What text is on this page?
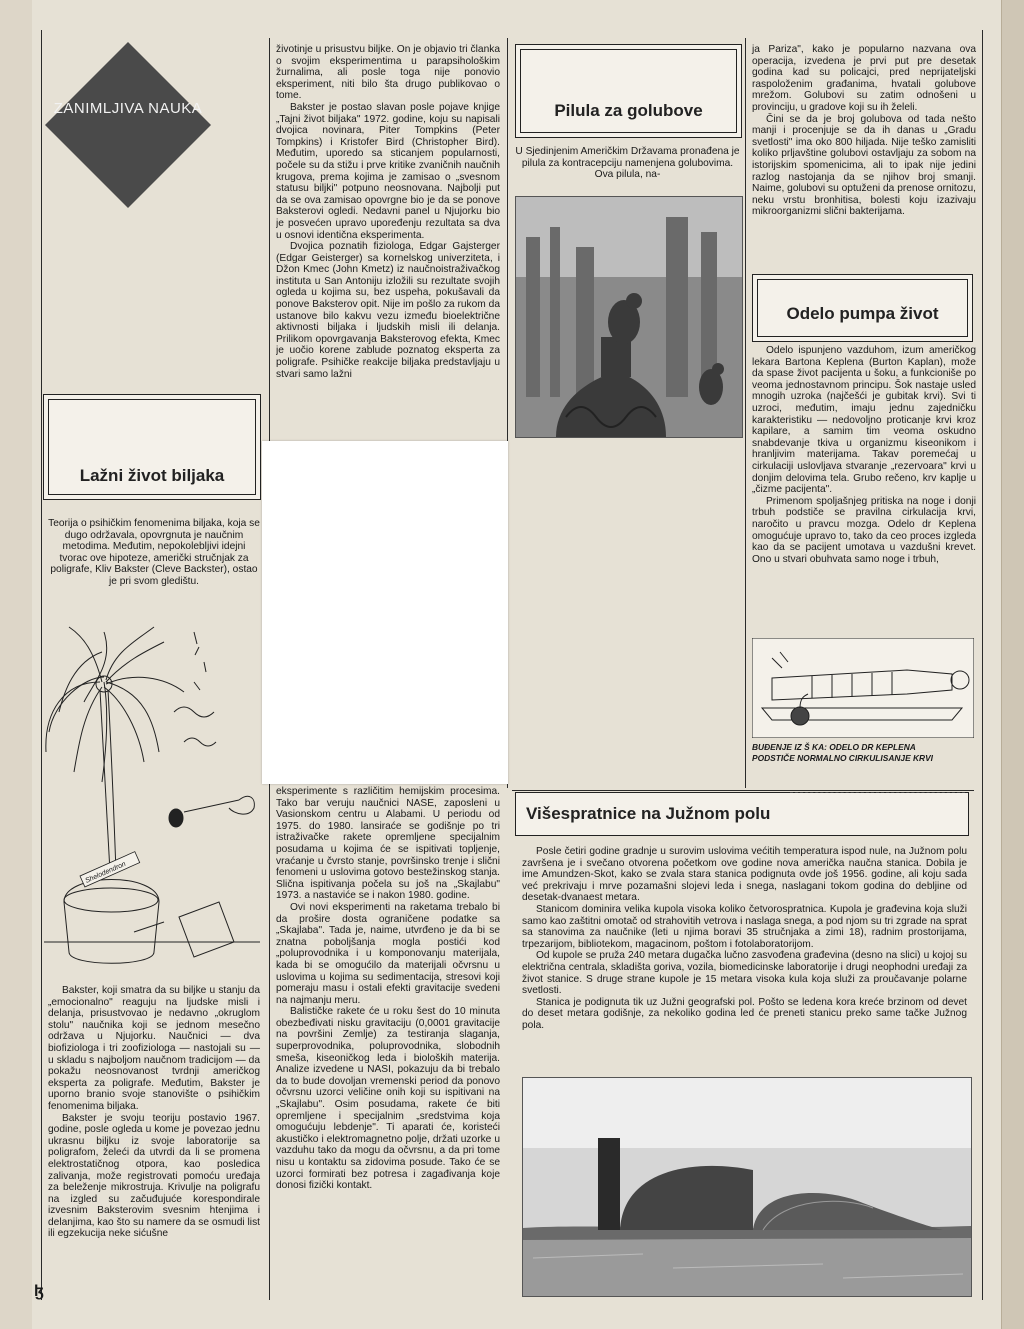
ZANIMLJIVA NAUKA
Lažni život biljaka
Teorija o psihičkim fenomenima biljaka, koja se dugo održavala, opovrgnuta je naučnim metodima. Međutim, nepokolebljivi idejni tvorac ove hipoteze, američki stručnjak za poligrafe, Kliv Bakster (Cleve Backster), ostao je pri svom gledištu.
Shelodendron

Bakster, koji smatra da su biljke u stanju da „emocionalno" reaguju na ljudske misli i delanja, prisustvovao je nedavno „okruglom stolu" naučnika koji se jednom mesečno održava u Njujorku. Naučnici — dva biofiziologa i tri zoofiziologa — nastojali su — u skladu s najboljom naučnom tradicijom — da pokažu neosnovanost tvrdnji američkog eksperta za poligrafe. Međutim, Bakster je uporno branio svoje stanovište o psihičkim fenomenima biljaka.

Bakster je svoju teoriju postavio 1967. godine, posle ogleda u kome je povezao jednu ukrasnu biljku iz svoje laboratorije sa poligrafom, želeći da utvrdi da li se promena elektrostatičnog otpora, kao posledica zalivanja, može registrovati pomoću uređaja za beleženje mikrostruja. Krivulje na poligrafu na izgled su začuđujuće korespondirale izvesnim Baksterovim svesnim htenjima i delanjima, kao što su namere da se osmudi list ili egzekucija neke sićušne

životinje u prisustvu biljke. On je objavio tri članka o svojim eksperimentima u parapsihološkim žurnalima, ali posle toga nije ponovio eksperiment, niti bilo šta drugo publikovao o tome.

Bakster je postao slavan posle pojave knjige „Tajni život biljaka" 1972. godine, koju su napisali dvojica novinara, Piter Tompkins (Peter Tompkins) i Kristofer Bird (Christopher Bird). Međutim, uporedo sa sticanjem popularnosti, počele su da stižu i prve kritike zvaničnih naučnih krugova, prema kojima je zamisao o „svesnom statusu biljki" potpuno neosnovana. Najbolji put da se ova zamisao opovrgne bio je da se ponove Baksterovi ogledi. Nedavni panel u Njujorku bio je posvećen upravo upoređenju rezultata sa dva u osnovi identična eksperimenta.

Dvojica poznatih fiziologa, Edgar Gajsterger (Edgar Geisterger) sa kornelskog univerziteta, i Džon Kmec (John Kmetz) iz naučnoistraživačkog instituta u San Antoniju izložili su rezultate svojih ogleda u kojima su, bez uspeha, pokušavali da ponove Baksterov opit. Nije im pošlo za rukom da ustanove bilo kakvu vezu između bioelektrične aktivnosti biljaka i ljudskih misli ili delanja. Prilikom opovrgavanja Baksterovog efekta, Kmec je uočio korene zablude poznatog eksperta za poligrafe. Psihičke reakcije biljaka predstavljaju u stvari samo lažni

eksperimente s različitim hemijskim procesima. Tako bar veruju naučnici NASE, zaposleni u Vasionskom centru u Alabami. U periodu od 1975. do 1980. lansiraće se godišnje po tri istraživačke rakete opremljene specijalnim posudama u kojima će se ispitivati topljenje, vraćanje u čvrsto stanje, površinsko trenje i slični fenomeni u uslovima gotovo bestežinskog stanja. Slična ispitivanja počela su još na „Skajlabu" 1973. a nastaviće se i nakon 1980. godine.

Ovi novi eksperimenti na raketama trebalo bi da prošire dosta ograničene podatke sa „Skajlaba". Tada je, naime, utvrđeno je da bi se znatna poboljšanja mogla postići kod „poluprovodnika i u komponovanju materijala, kada bi se omogućilo da materijali očvrsnu u uslovima u kojima su sedimentacija, stresovi koji pomeraju masu i ostali efekti gravitacije svedeni na najmanju meru.

Balističke rakete će u roku šest do 10 minuta obezbeđivati nisku gravitaciju (0,0001 gravitacije na površini Zemlje) za testiranja slaganja, superprovodnika, poluprovodnika, slobodnih smeša, kiseoničkog leda i bioloških materija. Analize izvedene u NASI, pokazuju da bi trebalo da to bude dovoljan vremenski period da ponovo očvrsnu uzorci veličine onih koji su ispitivani na „Skajlabu". Osim posudama, rakete će biti opremljene i specijalnim „sredstvima koja omogućuju lebdenje". Ti aparati će, koristeći akustičko i elektromagnetno polje, držati uzorke u vazduhu tako da mogu da očvrsnu, a da pri tome nisu u kontaktu sa zidovima posude. Tako će se uzorci formirati bez potresa i zagađivanja koje donosi fizički kontakt.

Pilula za golubove
U Sjedinjenim Američkim Državama pronađena je pilula za kontracepciju namenjena golubovima. Ova pilula, na-

ja Pariza", kako je popularno nazvana ova operacija, izvedena je prvi put pre desetak godina kad su policajci, pred neprijateljski raspoloženim građanima, hvatali golubove mrežom. Golubovi su zatim odnošeni u provinciju, u gradove koji su ih želeli.

Čini se da je broj golubova od tada nešto manji i procenjuje se da ih danas u „Gradu svetlosti" ima oko 800 hiljada. Nije teško zamisliti koliko prljavštine golubovi ostavljaju za sobom na istorijskim spomenicima, ali to ipak nije jedini razlog nastojanja da se njihov broj smanji. Naime, golubovi su optuženi da prenose ornitozu, neku vrstu bronhitisa, bolesti koju izazivaju mikroorganizmi slični bakterijama.

Odelo pumpa život

Odelo ispunjeno vazduhom, izum američkog lekara Bartona Keplena (Burton Kaplan), može da spase život pacijenta u šoku, a funkcioniše po veoma jednostavnom principu. Šok nastaje usled mnogih uzroka (najčešći je gubitak krvi). Svi ti uzroci, međutim, imaju jednu zajedničku karakteristiku — nedovoljno proticanje krvi kroz kapilare, a samim tim veoma oskudno snabdevanje tkiva u organizmu kiseonikom i hranljivim materijama. Takav poremećaj u cirkulaciji uslovljava stvaranje „rezervoara" krvi u donjim delovima tela. Grubo rečeno, krv kaplje u „čizme pacijenta".

Primenom spoljašnjeg pritiska na noge i donji trbuh podstiče se pravilna cirkulacija krvi, naročito u pravcu mozga. Odelo dr Keplena omogućuje upravo to, tako da ceo proces izgleda kao da se pacijent umotava u vazdušni krevet. Ono u stvari obuhvata samo noge i trbuh,

BUĐENJE IZ Š KA: ODELO DR KEPLENA
PODSTIČE NORMALNO CIRKULISANJE KRVI
Višespratnice na Južnom polu

Posle četiri godine gradnje u surovim uslovima većitih temperatura ispod nule, na Južnom polu završena je i svečano otvorena početkom ove godine nova američka naučna stanica. Dobila je ime Amundzen-Skot, kako se zvala stara stanica podignuta ovde još 1956. godine, ali koju sada već prekrivaju i mrve pozamašni slojevi leda i snega, naslagani tokom godina do debljine od desetak-dvanaest metara.

Stanicom dominira velika kupola visoka koliko četvorospratnica. Kupola je građevina koja služi samo kao zaštitni omotač od strahovitih vetrova i naslaga snega, a pod njom su tri zgrade na sprat sa stanovima za naučnike (leti u njima boravi 35 stručnjaka a zimi 18), radnim prostorijama, trpezarijom, bibliotekom, magacinom, poštom i fotolaboratorijom.

Od kupole se pruža 240 metara dugačka lučno zasvođena građevina (desno na slici) u kojoj su električna centrala, skladišta goriva, vozila, biomedicinske laboratorije i drugi neophodni uređaji za život stanice. S druge strane kupole je 15 metara visoka kula koja služi za proučavanje polarne svetlosti.

Stanica je podignuta tik uz Južni geografski pol. Pošto se ledena kora kreće brzinom od devet do deset metara godišnje, za nekoliko godina led će preneti stanicu preko same tačke Južnog pola.

ɮ
